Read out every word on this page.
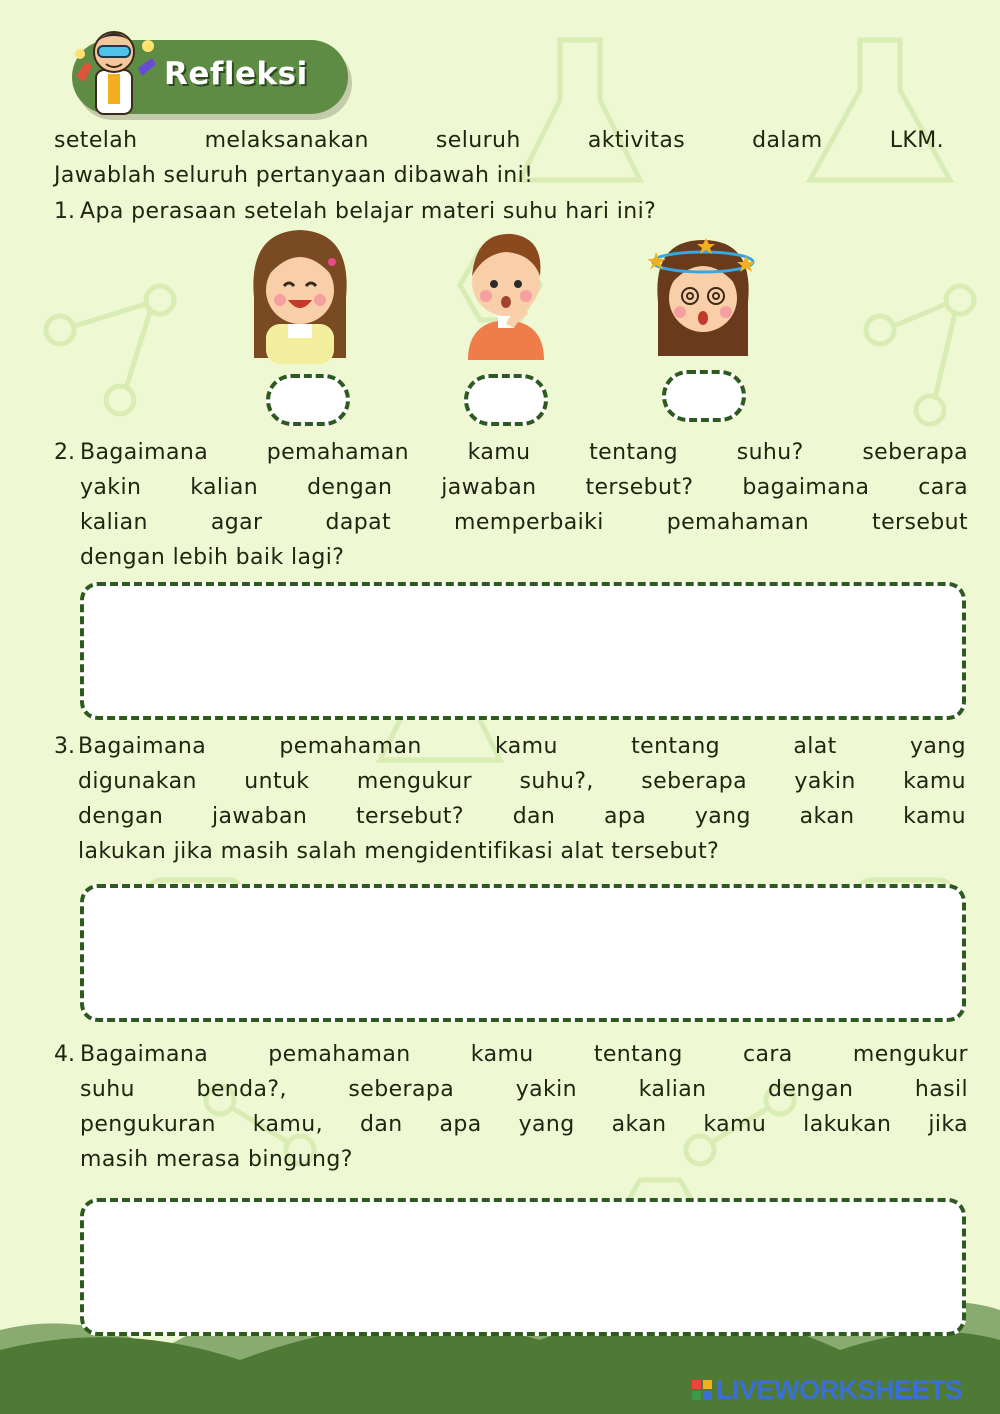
Refleksi
setelah melaksanakan seluruh aktivitas dalam LKM.
Jawablah seluruh pertanyaan dibawah ini!
1. Apa perasaan setelah belajar materi suhu hari ini?
2. Bagaimana pemahaman kamu tentang suhu? seberapa
yakin kalian dengan jawaban tersebut? bagaimana cara
kalian agar dapat memperbaiki pemahaman tersebut
dengan lebih baik lagi?
3. Bagaimana pemahaman kamu tentang alat yang
digunakan untuk mengukur suhu?, seberapa yakin kamu
dengan jawaban tersebut? dan apa yang akan kamu
lakukan jika masih salah mengidentifikasi alat tersebut?
4. Bagaimana pemahaman kamu tentang cara mengukur
suhu benda?, seberapa yakin kalian dengan hasil
pengukuran kamu, dan apa yang akan kamu lakukan jika
masih merasa bingung?
LIVEWORKSHEETS
